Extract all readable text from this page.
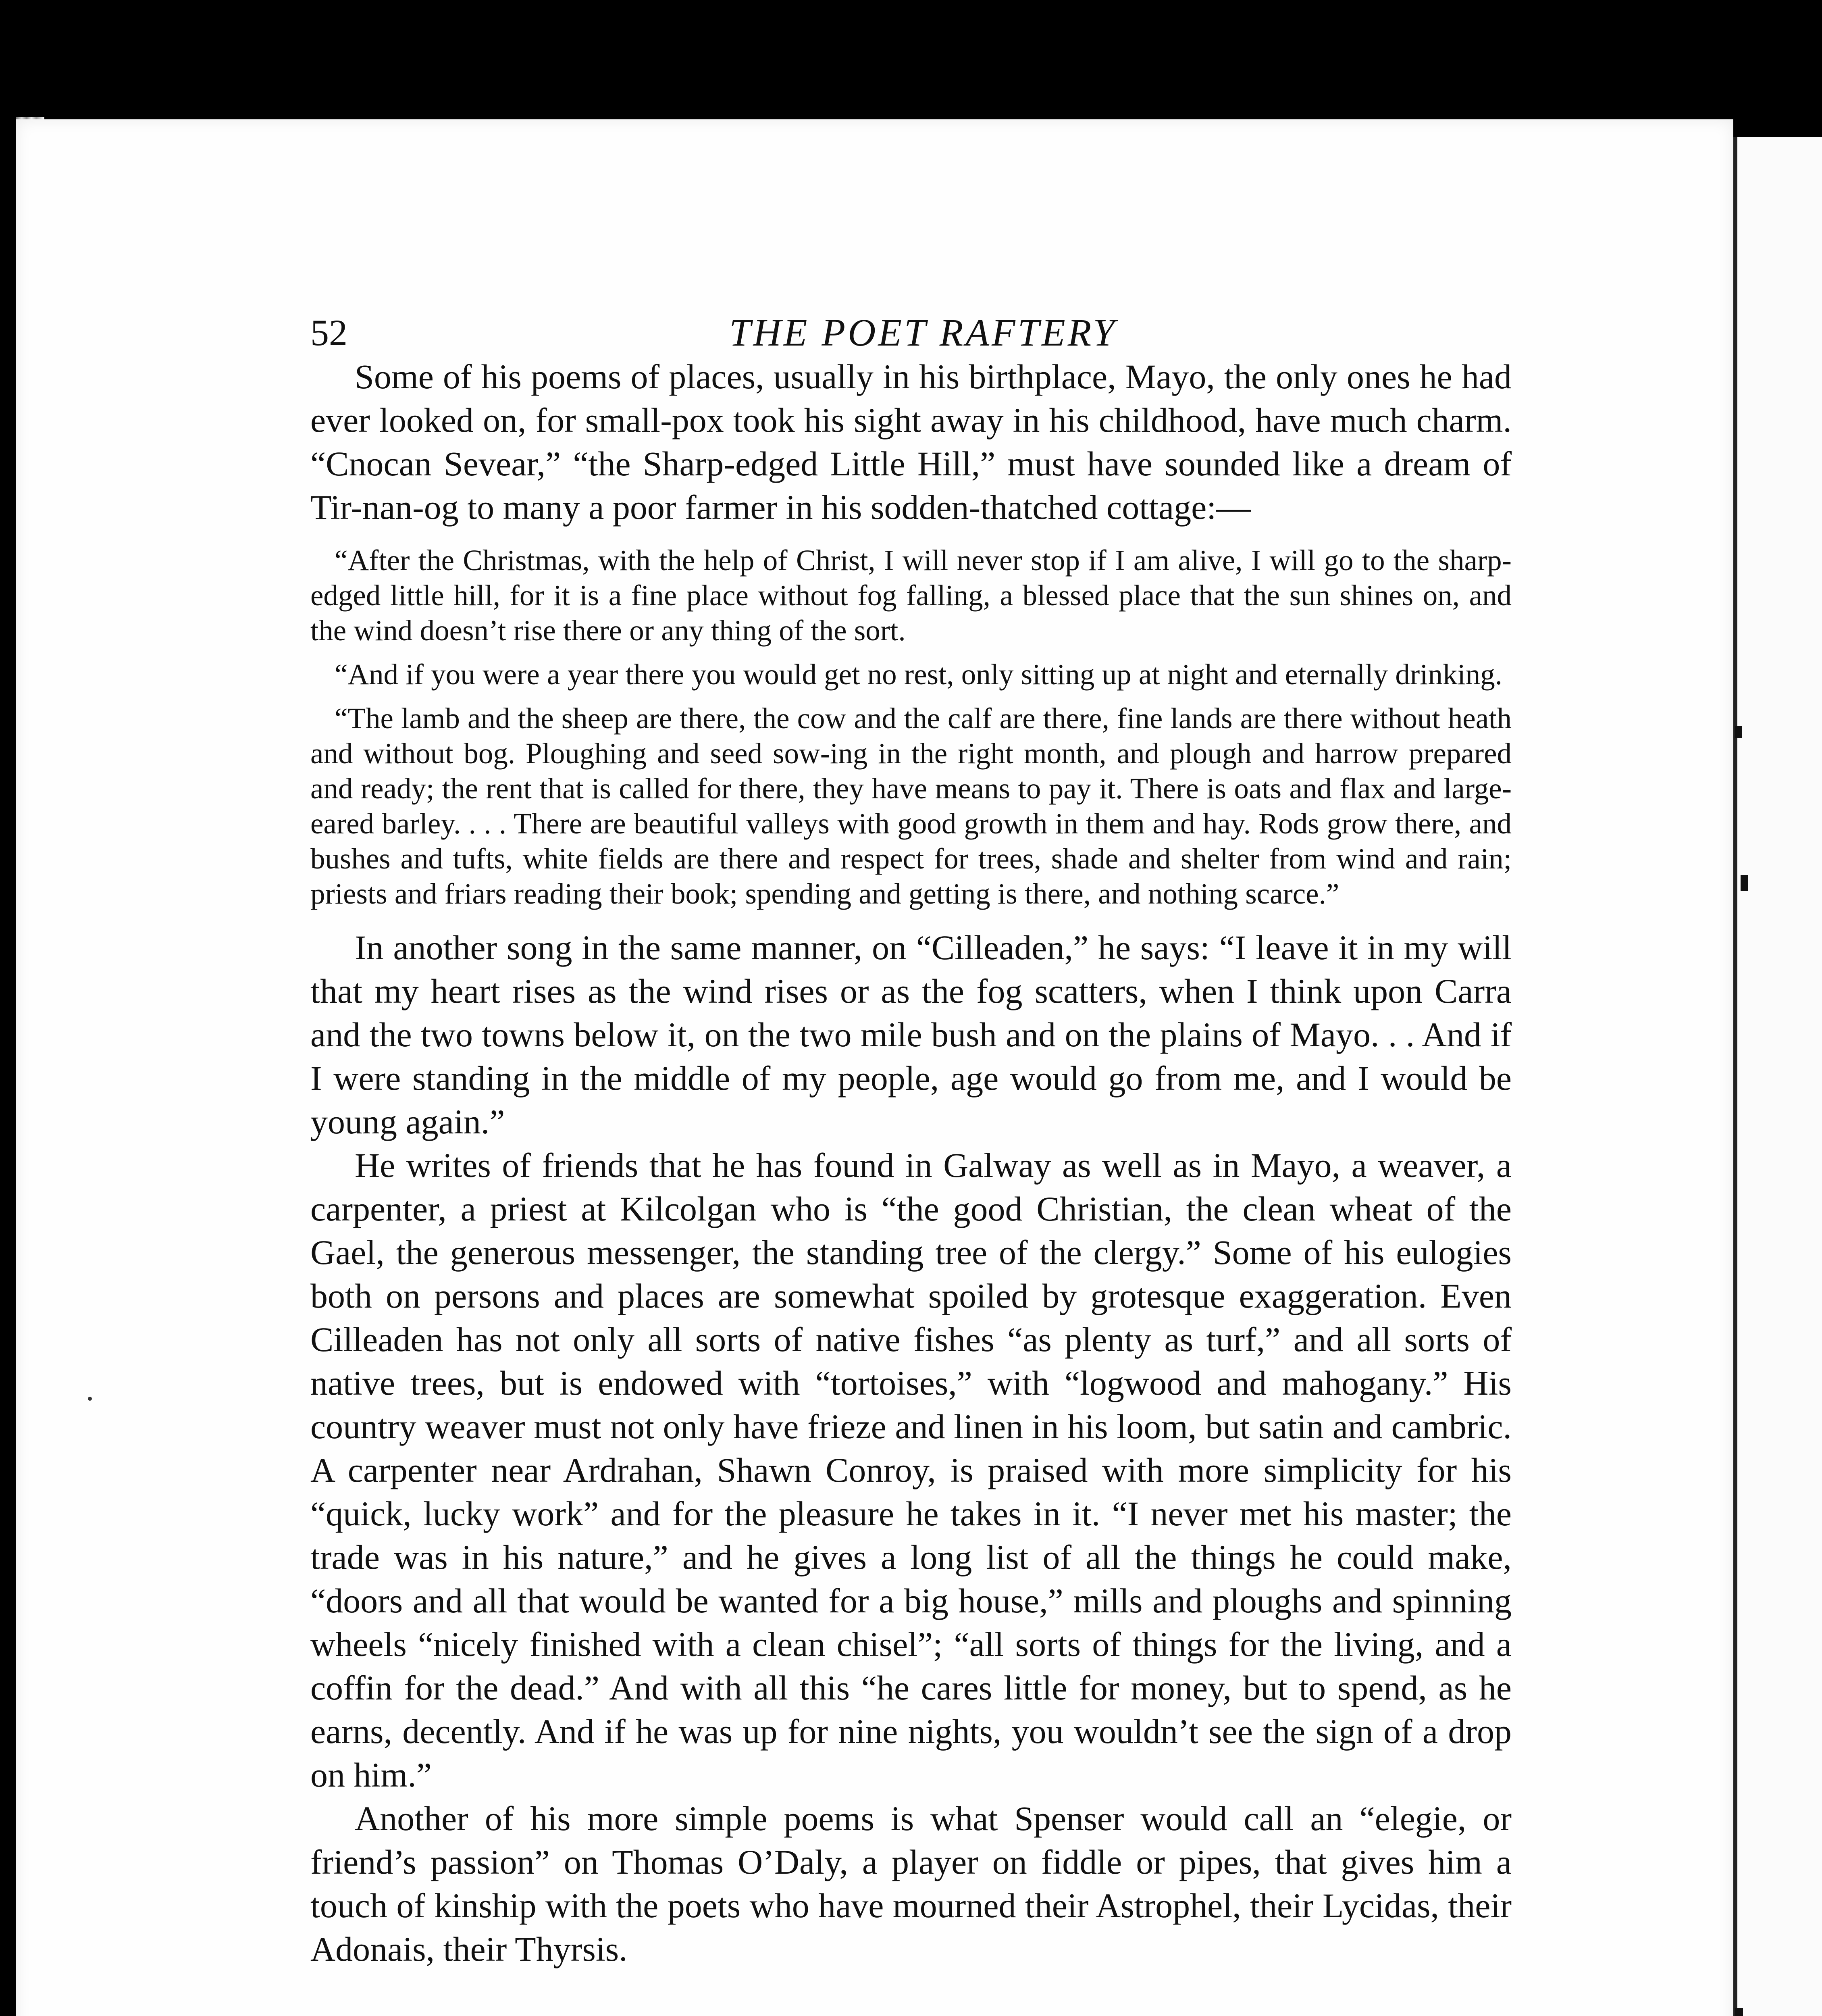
52	THE POET RAFTERY

Some of his poems of places, usually in his birthplace, Mayo, the only ones he had ever looked on, for small-pox took his sight away in his childhood, have much charm. “Cnocan Sevear,” “the Sharp-edged Little Hill,” must have sounded like a dream of Tir-nan-og to many a poor farmer in his sodden-thatched cottage:—

“After the Christmas, with the help of Christ, I will never stop if I am alive, I will go to the sharp-edged little hill, for it is a fine place without fog falling, a blessed place that the sun shines on, and the wind doesn’t rise there or any thing of the sort.

“And if you were a year there you would get no rest, only sitting up at night and eternally drinking.

“The lamb and the sheep are there, the cow and the calf are there, fine lands are there without heath and without bog. Ploughing and seed sow-ing in the right month, and plough and harrow prepared and ready; the rent that is called for there, they have means to pay it. There is oats and flax and large-eared barley. . . . There are beautiful valleys with good growth in them and hay. Rods grow there, and bushes and tufts, white fields are there and respect for trees, shade and shelter from wind and rain; priests and friars reading their book; spending and getting is there, and nothing scarce.”

In another song in the same manner, on “Cilleaden,” he says: “I leave it in my will that my heart rises as the wind rises or as the fog scatters, when I think upon Carra and the two towns below it, on the two mile bush and on the plains of Mayo. . . And if I were standing in the middle of my people, age would go from me, and I would be young again.”

He writes of friends that he has found in Galway as well as in Mayo, a weaver, a carpenter, a priest at Kilcolgan who is “the good Christian, the clean wheat of the Gael, the generous messenger, the standing tree of the clergy.” Some of his eulogies both on persons and places are somewhat spoiled by grotesque exaggeration. Even Cilleaden has not only all sorts of native fishes “as plenty as turf,” and all sorts of native trees, but is endowed with “tortoises,” with “logwood and mahogany.” His country weaver must not only have frieze and linen in his loom, but satin and cambric. A carpenter near Ardrahan, Shawn Conroy, is praised with more simplicity for his “quick, lucky work” and for the pleasure he takes in it. “I never met his master; the trade was in his nature,” and he gives a long list of all the things he could make, “doors and all that would be wanted for a big house,” mills and ploughs and spinning wheels “nicely finished with a clean chisel”; “all sorts of things for the living, and a coffin for the dead.” And with all this “he cares little for money, but to spend, as he earns, decently. And if he was up for nine nights, you wouldn’t see the sign of a drop on him.”

Another of his more simple poems is what Spenser would call an “elegie, or friend’s passion” on Thomas O’Daly, a player on fiddle or pipes, that gives him a touch of kinship with the poets who have mourned their Astrophel, their Lycidas, their Adonais, their Thyrsis.
